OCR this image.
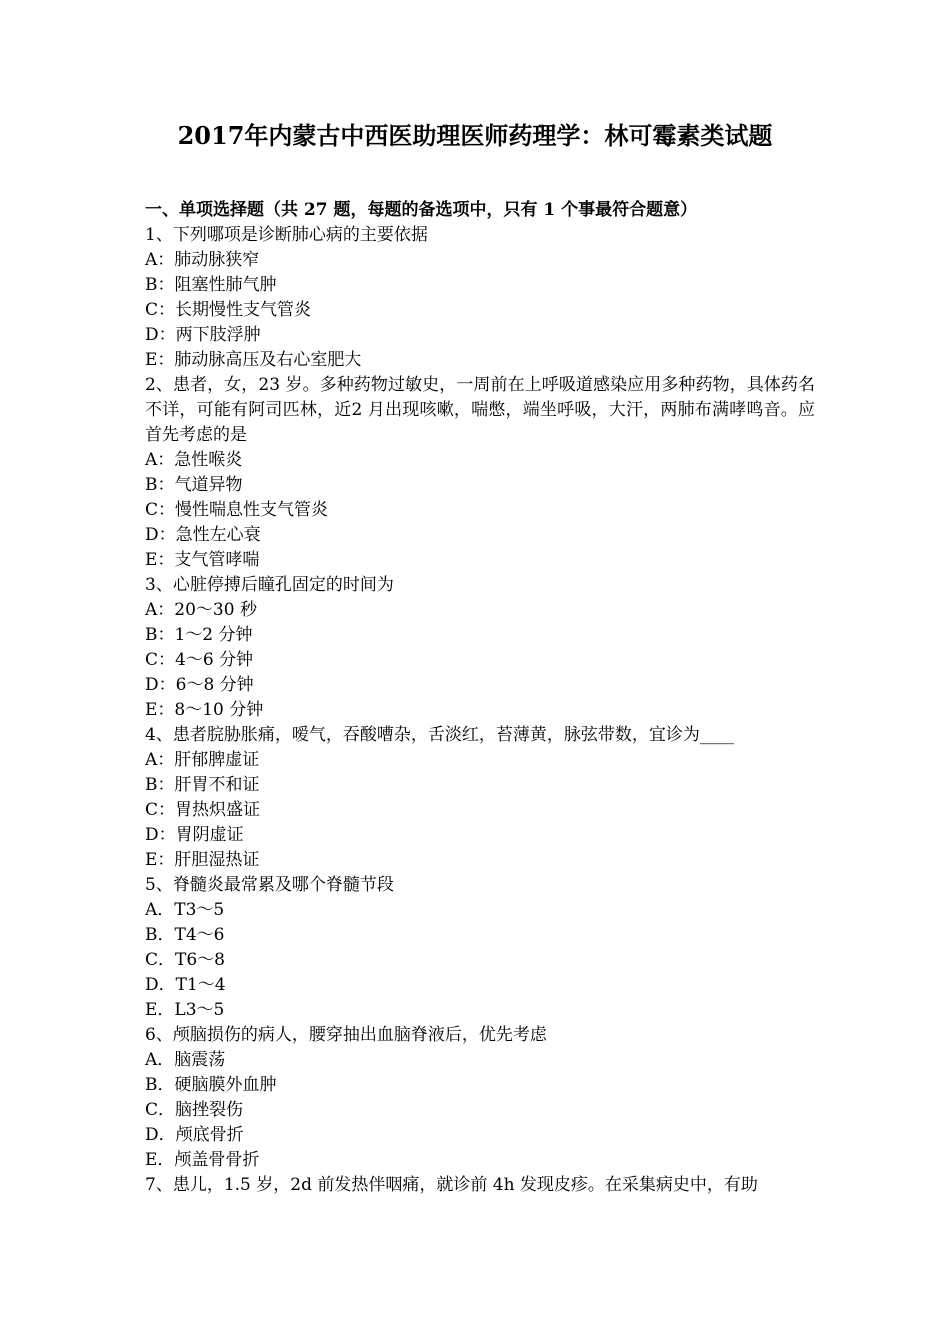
2017年内蒙古中西医助理医师药理学：林可霉素类试题
一、单项选择题（共 27 题，每题的备选项中，只有 1 个事最符合题意）
1、下列哪项是诊断肺心病的主要依据
A：肺动脉狭窄
B：阻塞性肺气肿
C：长期慢性支气管炎
D：两下肢浮肿
E：肺动脉高压及右心室肥大
2、患者，女，23 岁。多种药物过敏史，一周前在上呼吸道感染应用多种药物，具体药名不详，可能有阿司匹林，近2 月出现咳嗽，喘憋，端坐呼吸，大汗，两肺布满哮鸣音。应首先考虑的是
A：急性喉炎
B：气道异物
C：慢性喘息性支气管炎
D：急性左心衰
E：支气管哮喘
3、心脏停搏后瞳孔固定的时间为
A：20～30 秒
B：1～2 分钟
C：4～6 分钟
D：6～8 分钟
E：8～10 分钟
4、患者脘胁胀痛，嗳气，吞酸嘈杂，舌淡红，苔薄黄，脉弦带数，宜诊为____
A：肝郁脾虚证
B：肝胃不和证
C：胃热炽盛证
D：胃阴虚证
E：肝胆湿热证
5、脊髓炎最常累及哪个脊髓节段
A．T3～5
B．T4～6
C．T6～8
D．T1～4
E．L3～5
6、颅脑损伤的病人，腰穿抽出血脑脊液后，优先考虑
A．脑震荡
B．硬脑膜外血肿
C．脑挫裂伤
D．颅底骨折
E．颅盖骨骨折
7、患儿，1.5 岁，2d 前发热伴咽痛，就诊前 4h 发现皮疹。在采集病史中，有助
